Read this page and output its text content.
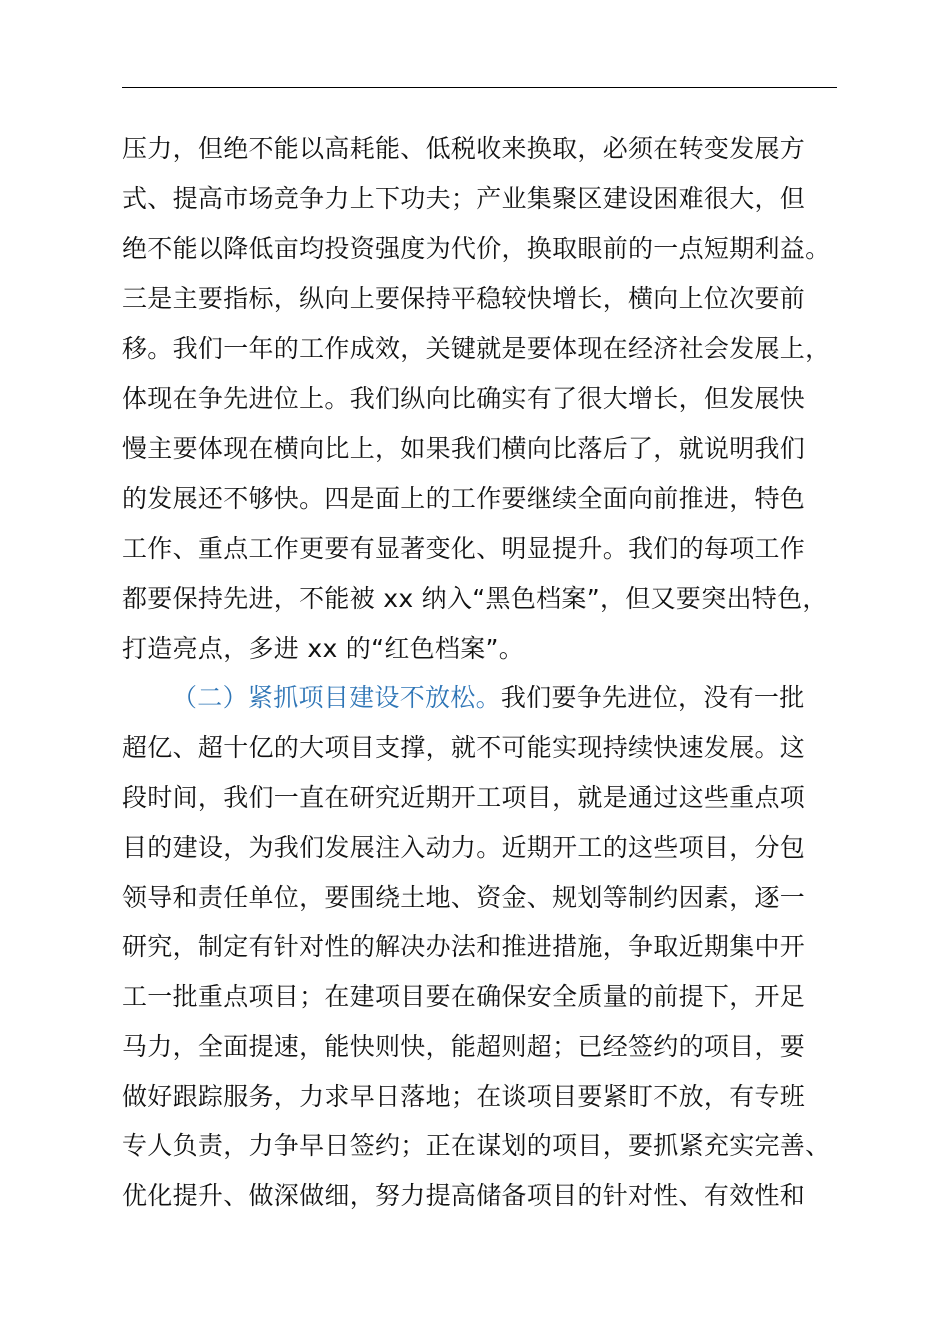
压力，但绝不能以高耗能、低税收来换取，必须在转变发展方
式、提高市场竞争力上下功夫；产业集聚区建设困难很大，但
绝不能以降低亩均投资强度为代价，换取眼前的一点短期利益。
三是主要指标，纵向上要保持平稳较快增长，横向上位次要前
移。我们一年的工作成效，关键就是要体现在经济社会发展上，
体现在争先进位上。我们纵向比确实有了很大增长，但发展快
慢主要体现在横向比上，如果我们横向比落后了，就说明我们
的发展还不够快。四是面上的工作要继续全面向前推进，特色
工作、重点工作更要有显著变化、明显提升。我们的每项工作
都要保持先进，不能被 xx 纳入“黑色档案”，但又要突出特色，
打造亮点，多进 xx 的“红色档案”。
（二）紧抓项目建设不放松。我们要争先进位，没有一批
超亿、超十亿的大项目支撑，就不可能实现持续快速发展。这
段时间，我们一直在研究近期开工项目，就是通过这些重点项
目的建设，为我们发展注入动力。近期开工的这些项目，分包
领导和责任单位，要围绕土地、资金、规划等制约因素，逐一
研究，制定有针对性的解决办法和推进措施，争取近期集中开
工一批重点项目；在建项目要在确保安全质量的前提下，开足
马力，全面提速，能快则快，能超则超；已经签约的项目，要
做好跟踪服务，力求早日落地；在谈项目要紧盯不放，有专班
专人负责，力争早日签约；正在谋划的项目，要抓紧充实完善、
优化提升、做深做细，努力提高储备项目的针对性、有效性和
